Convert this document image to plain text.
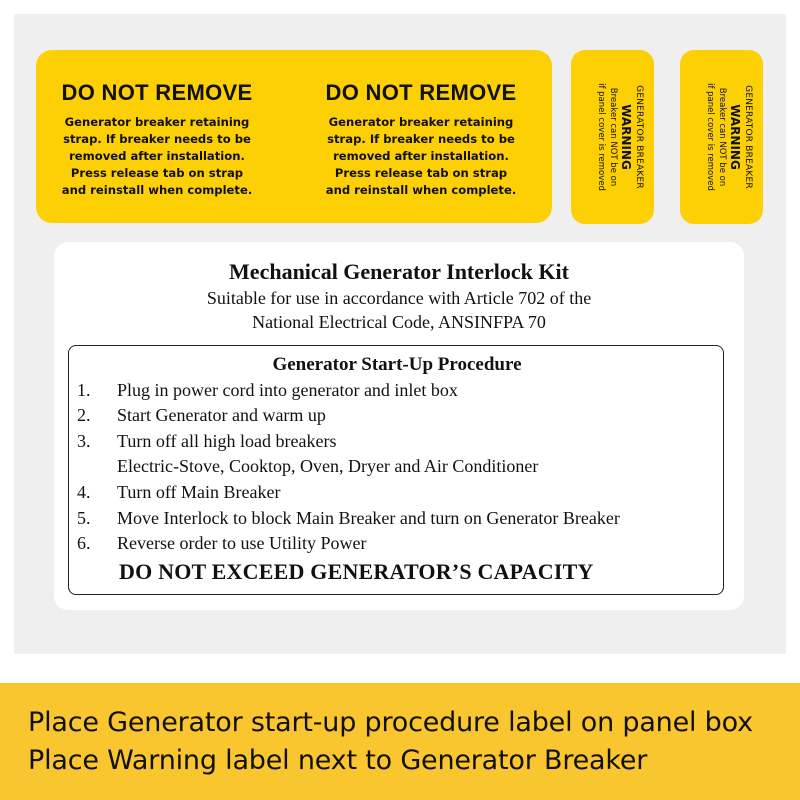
DO NOT REMOVE
Generator breaker retaining
strap. If breaker needs to be
removed after installation.
Press release tab on strap
and reinstall when complete.
DO NOT REMOVE
Generator breaker retaining
strap. If breaker needs to be
removed after installation.
Press release tab on strap
and reinstall when complete.
GENERATOR BREAKER
WARNING
Breaker can NOT be on
if panel cover is removed	GENERATOR BREAKER
WARNING
Breaker can NOT be on
if panel cover is removed
Mechanical Generator Interlock Kit
Suitable for use in accordance with Article 702 of the
National Electrical Code, ANSINFPA 70
Generator Start-Up Procedure
1. Plug in power cord into generator and inlet box
2. Start Generator and warm up
3. Turn off all high load breakers
Electric-Stove, Cooktop, Oven, Dryer and Air Conditioner
4. Turn off Main Breaker
5. Move Interlock to block Main Breaker and turn on Generator Breaker
6. Reverse order to use Utility Power
DO NOT EXCEED GENERATOR’S CAPACITY
Place Generator start-up procedure label on panel box
Place Warning label next to Generator Breaker
